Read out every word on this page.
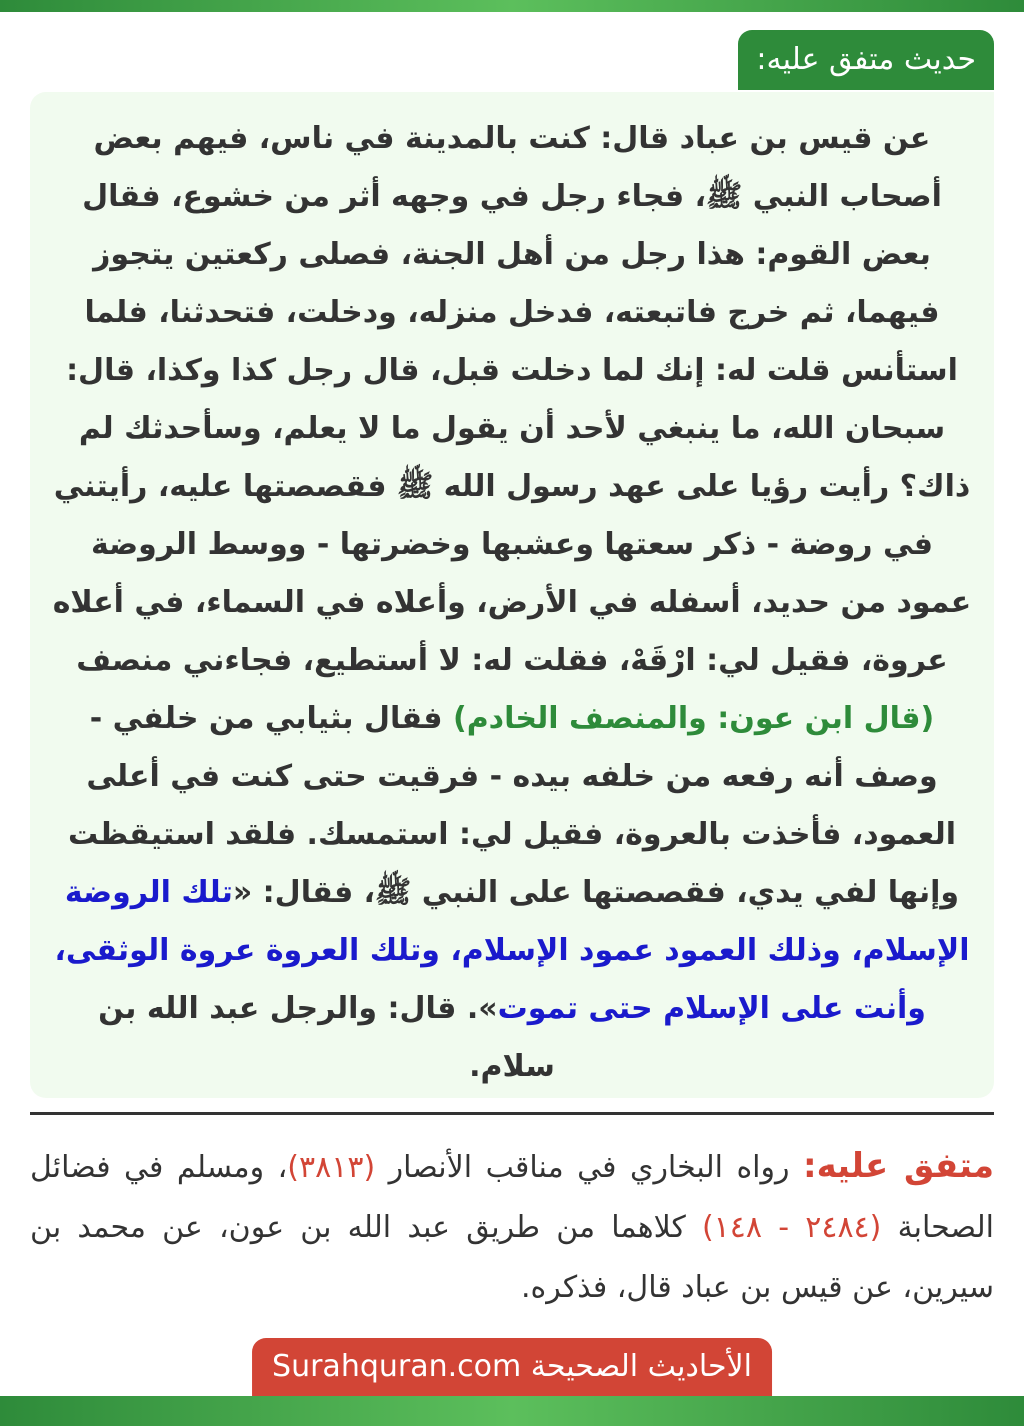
حديث متفق عليه:
عن قيس بن عباد قال: كنت بالمدينة في ناس، فيهم بعض أصحاب النبي ﷺ، فجاء رجل في وجهه أثر من خشوع، فقال بعض القوم: هذا رجل من أهل الجنة، فصلى ركعتين يتجوز فيهما، ثم خرج فاتبعته، فدخل منزله، ودخلت، فتحدثنا، فلما استأنس قلت له: إنك لما دخلت قبل، قال رجل كذا وكذا، قال: سبحان الله، ما ينبغي لأحد أن يقول ما لا يعلم، وسأحدثك لم ذاك؟ رأيت رؤيا على عهد رسول الله ﷺ فقصصتها عليه، رأيتني في روضة - ذكر سعتها وعشبها وخضرتها - ووسط الروضة عمود من حديد، أسفله في الأرض، وأعلاه في السماء، في أعلاه عروة، فقيل لي: ارْقَهْ، فقلت له: لا أستطيع، فجاءني منصف (قال ابن عون: والمنصف الخادم) فقال بثيابي من خلفي - وصف أنه رفعه من خلفه بيده - فرقيت حتى كنت في أعلى العمود، فأخذت بالعروة، فقيل لي: استمسك. فلقد استيقظت وإنها لفي يدي، فقصصتها على النبي ﷺ، فقال: «تلك الروضة الإسلام، وذلك العمود عمود الإسلام، وتلك العروة عروة الوثقى، وأنت على الإسلام حتى تموت». قال: والرجل عبد الله بن سلام.
متفق عليه: رواه البخاري في مناقب الأنصار (٣٨١٣)، ومسلم في فضائل الصحابة (٢٤٨٤ - ١٤٨) كلاهما من طريق عبد الله بن عون، عن محمد بن سيرين، عن قيس بن عباد قال، فذكره.
الأحاديث الصحيحة Surahquran.com
